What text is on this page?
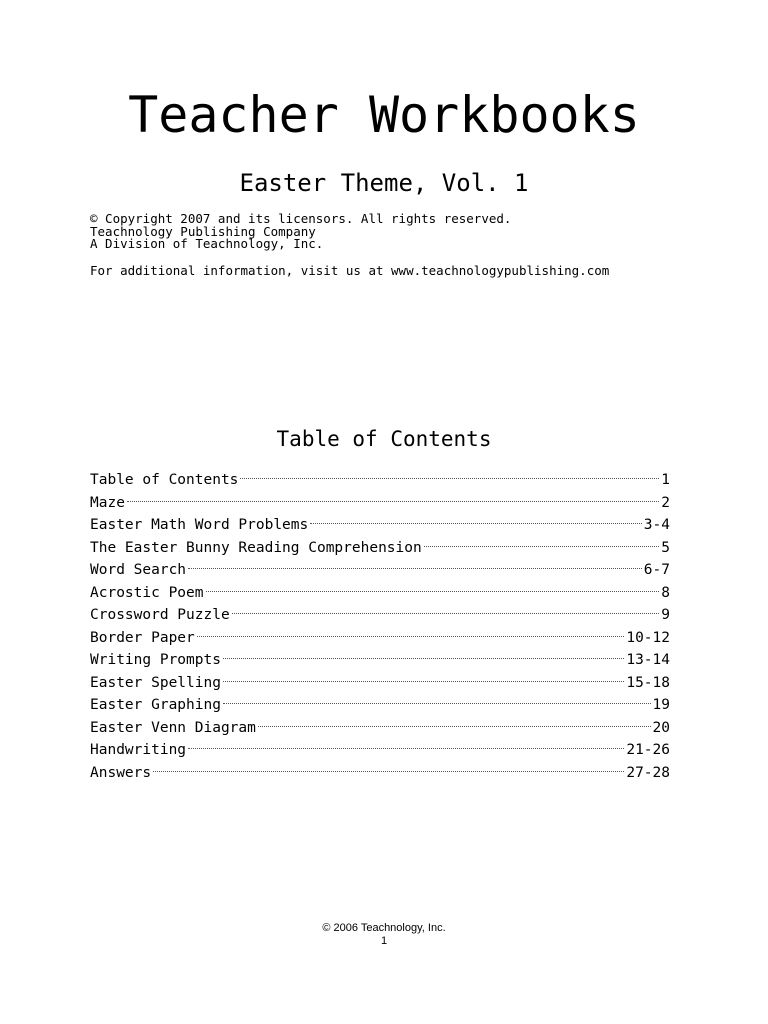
Teacher Workbooks
Easter Theme, Vol. 1
© Copyright 2007 and its licensors. All rights reserved.
Teachnology Publishing Company
A Division of Teachnology, Inc.
For additional information, visit us at www.teachnologypublishing.com
Table of Contents
Table of Contents	1
Maze	2
Easter Math Word Problems	3-4
The Easter Bunny Reading Comprehension	5
Word Search	6-7
Acrostic Poem	8
Crossword Puzzle	9
Border Paper	10-12
Writing Prompts	13-14
Easter Spelling	15-18
Easter Graphing	19
Easter Venn Diagram	20
Handwriting	21-26
Answers	27-28
© 2006 Teachnology, Inc.
1
